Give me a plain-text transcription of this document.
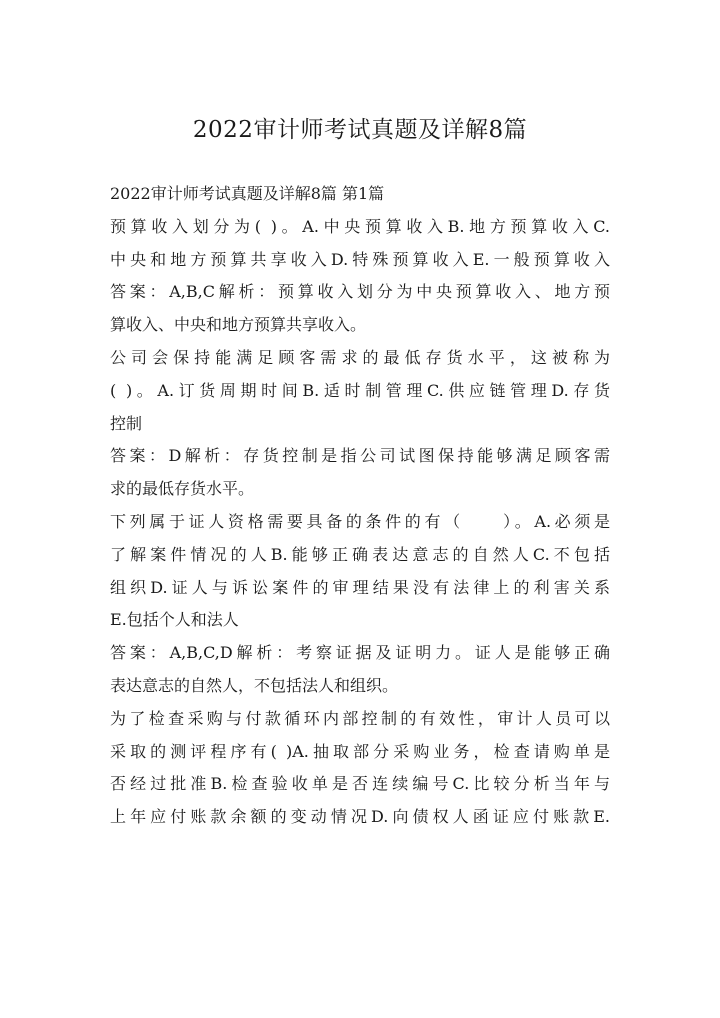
2022审计师考试真题及详解8篇
2022审计师考试真题及详解8篇 第1篇
预算收入划分为( )。A.中央预算收入B.地方预算收入C.
中央和地方预算共享收入D.特殊预算收入E.一般预算收入
答案：A,B,C解析：预算收入划分为中央预算收入、地方预
算收入、中央和地方预算共享收入。
公司会保持能满足顾客需求的最低存货水平，这被称为
( )。A.订货周期时间B.适时制管理C.供应链管理D.存货
控制
答案：D解析：存货控制是指公司试图保持能够满足顾客需
求的最低存货水平。
下列属于证人资格需要具备的条件的有（　　）。A.必须是
了解案件情况的人B.能够正确表达意志的自然人C.不包括
组织D.证人与诉讼案件的审理结果没有法律上的利害关系
E.包括个人和法人
答案：A,B,C,D解析：考察证据及证明力。证人是能够正确
表达意志的自然人，不包括法人和组织。
为了检查采购与付款循环内部控制的有效性，审计人员可以
采取的测评程序有( )A.抽取部分采购业务，检查请购单是
否经过批准B.检查验收单是否连续编号C.比较分析当年与
上年应付账款余额的变动情况D.向债权人函证应付账款E.
